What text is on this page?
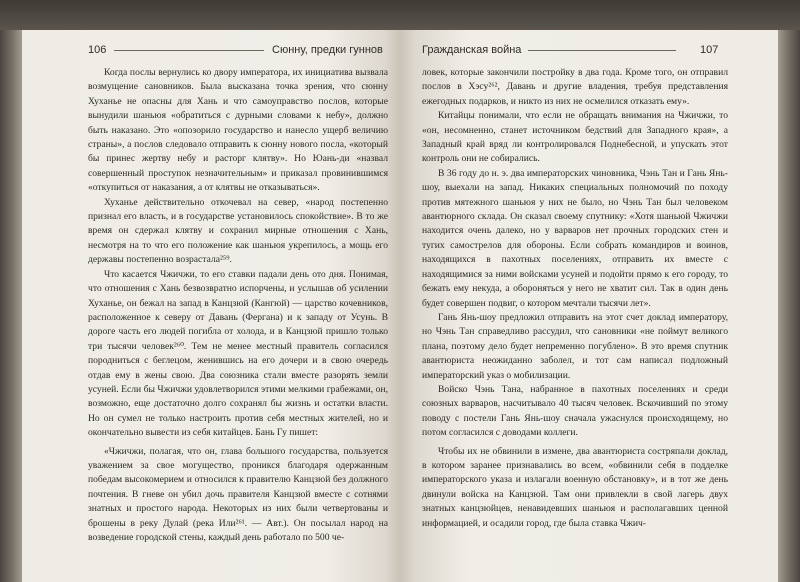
106	Сюнну, предки гуннов

Когда послы вернулись ко двору императора, их инициатива вызвала возмущение сановников. Была высказана точка зрения, что сюнну Хуханье не опасны для Хань и что самоуправство послов, которые вынудили шаньюя «обратиться с дурными словами к небу», должно быть наказано. Это «опозорило государство и нанесло ущерб величию страны», а послов следовало отправить к сюнну нового посла, «который бы принес жертву небу и расторг клятву». Но Юань-ди «назвал совершенный проступок незначительным» и приказал провинившимся «откупиться от наказания, а от клятвы не отказываться».

Хуханье действительно откочевал на север, «народ постепенно признал его власть, и в государстве установилось спокойствие». В то же время он сдержал клятву и сохранил мирные отношения с Хань, несмотря на то что его положение как шаньюя укрепилось, а мощь его державы постепенно возрастала²⁵⁹.

Что касается Чжичжи, то его ставки падали день ото дня. Понимая, что отношения с Хань безвозвратно испорчены, и услышав об усилении Хуханье, он бежал на запад в Канцзюй (Кангюй) — царство кочевников, расположенное к северу от Давань (Фергана) и к западу от Усунь. В дороге часть его людей погибла от холода, и в Канцзюй пришло только три тысячи человек²⁶⁰. Тем не менее местный правитель согласился породниться с беглецом, женившись на его дочери и в свою очередь отдав ему в жены свою. Два союзника стали вместе разорять земли усуней. Если бы Чжичжи удовлетворился этими мелкими грабежами, он, возможно, еще достаточно долго сохранял бы жизнь и остатки власти. Но он сумел не только настроить против себя местных жителей, но и окончательно вывести из себя китайцев. Бань Гу пишет:

«Чжичжи, полагая, что он, глава большого государства, пользуется уважением за свое могущество, проникся благодаря одержанным победам высокомерием и относился к правителю Канцзюй без должного почтения. В гневе он убил дочь правителя Канцзюй вместе с сотнями знатных и простого народа. Некоторых из них были четвертованы и брошены в реку Дулай (река Или²⁶¹. — Авт.). Он посылал народ на возведение городской стены, каждый день работало по 500 че-

Гражданская война	107

ловек, которые закончили постройку в два года. Кроме того, он отправил послов в Хэсу²⁶², Давань и другие владения, требуя представления ежегодных подарков, и никто из них не осмелился отказать ему».

Китайцы понимали, что если не обращать внимания на Чжичжи, то «он, несомненно, станет источником бедствий для Западного края», а Западный край вряд ли контролировался Поднебесной, и упускать этот контроль они не собирались.

В 36 году до н. э. два императорских чиновника, Чэнь Тан и Гань Янь-шоу, выехали на запад. Никаких специальных полномочий по походу против мятежного шаньюя у них не было, но Чэнь Тан был человеком авантюрного склада. Он сказал своему спутнику: «Хотя шаньюй Чжичжи находится очень далеко, но у варваров нет прочных городских стен и тугих самострелов для обороны. Если собрать командиров и воинов, находящихся в пахотных поселениях, отправить их вместе с находящимися за ними войсками усуней и подойти прямо к его городу, то бежать ему некуда, а обороняться у него не хватит сил. Так в один день будет совершен подвиг, о котором мечтали тысячи лет».

Гань Янь-шоу предложил отправить на этот счет доклад императору, но Чэнь Тан справедливо рассудил, что сановники «не поймут великого плана, поэтому дело будет непременно погублено». В это время спутник авантюриста неожиданно заболел, и тот сам написал подложный императорский указ о мобилизации.

Войско Чэнь Тана, набранное в пахотных поселениях и среди союзных варваров, насчитывало 40 тысяч человек. Вскочивший по этому поводу с постели Гань Янь-шоу сначала ужаснулся происходящему, но потом согласился с доводами коллеги.

Чтобы их не обвинили в измене, два авантюриста состряпали доклад, в котором заранее признавались во всем, «обвинили себя в подделке императорского указа и излагали военную обстановку», и в тот же день двинули войска на Канцзюй. Там они привлекли в свой лагерь двух знатных канцзюйцев, ненавидевших шаньюя и располагавших ценной информацией, и осадили город, где была ставка Чжич-
